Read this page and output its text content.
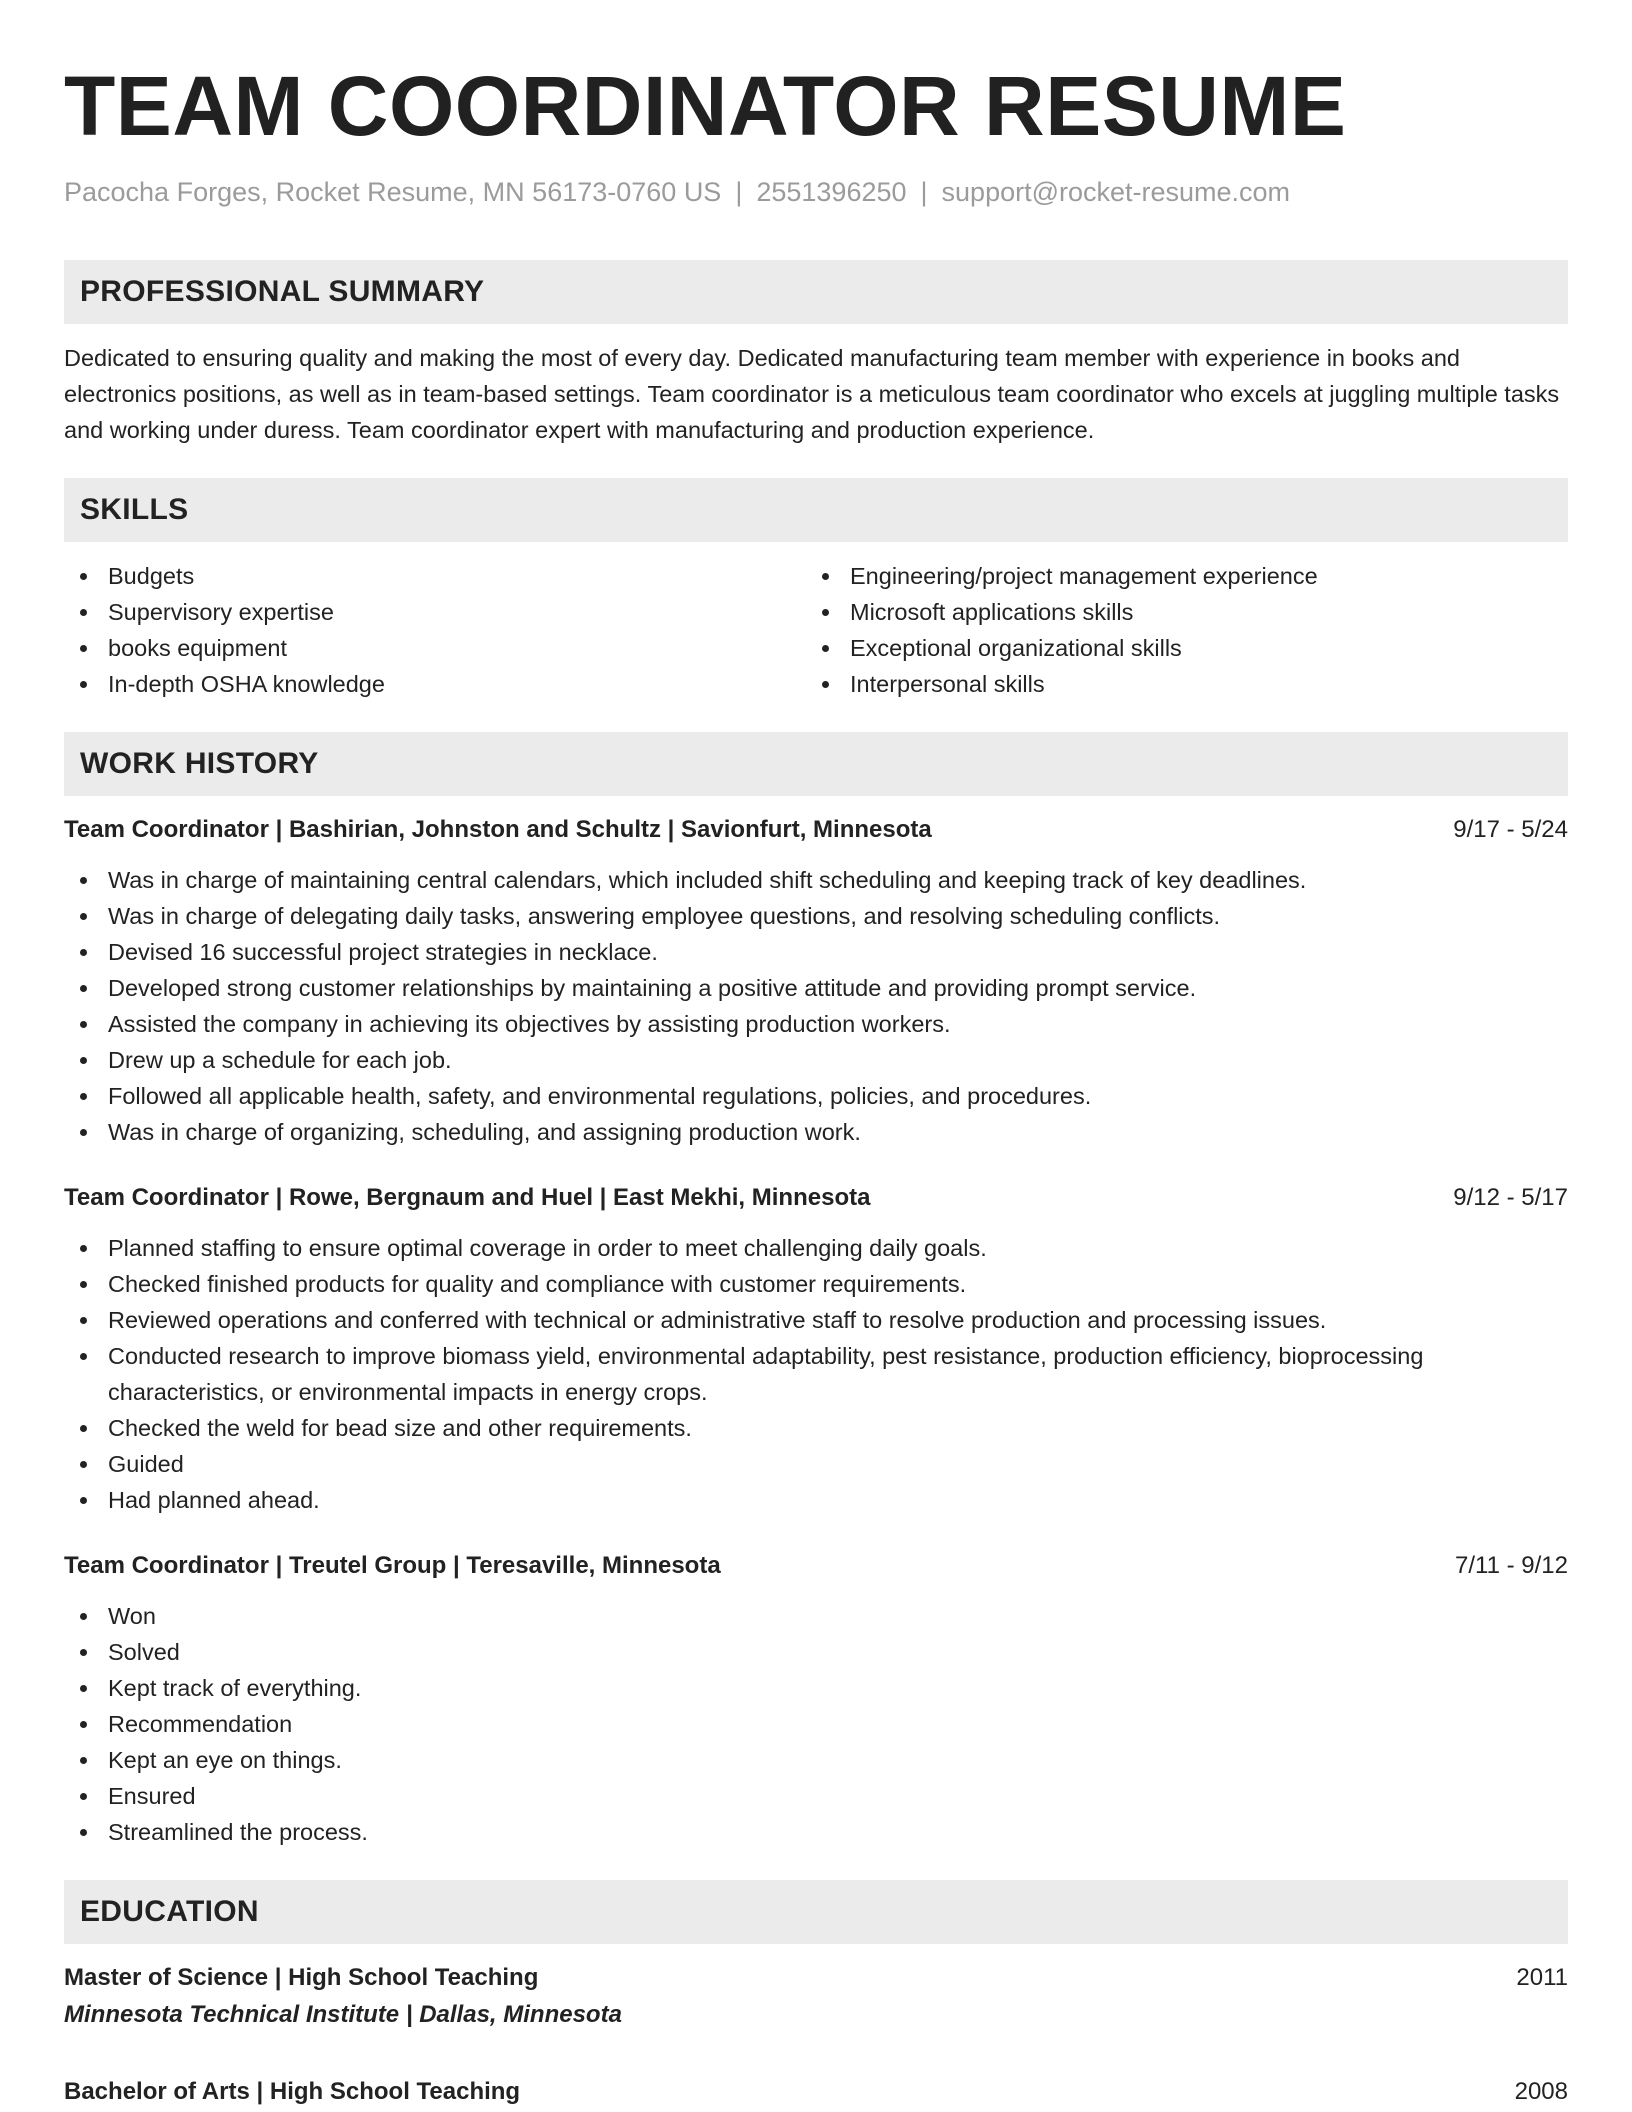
TEAM COORDINATOR RESUME
Pacocha Forges, Rocket Resume, MN 56173-0760 US | 2551396250 | support@rocket-resume.com
PROFESSIONAL SUMMARY

Dedicated to ensuring quality and making the most of every day. Dedicated manufacturing team member with experience in books and electronics positions, as well as in team-based settings. Team coordinator is a meticulous team coordinator who excels at juggling multiple tasks and working under duress. Team coordinator expert with manufacturing and production experience.

SKILLS
Budgets
Supervisory expertise
books equipment
In-depth OSHA knowledge
Engineering/project management experience
Microsoft applications skills
Exceptional organizational skills
Interpersonal skills
WORK HISTORY
Team Coordinator | Bashirian, Johnston and Schultz | Savionfurt, Minnesota	9/17 - 5/24
Was in charge of maintaining central calendars, which included shift scheduling and keeping track of key deadlines.
Was in charge of delegating daily tasks, answering employee questions, and resolving scheduling conflicts.
Devised 16 successful project strategies in necklace.
Developed strong customer relationships by maintaining a positive attitude and providing prompt service.
Assisted the company in achieving its objectives by assisting production workers.
Drew up a schedule for each job.
Followed all applicable health, safety, and environmental regulations, policies, and procedures.
Was in charge of organizing, scheduling, and assigning production work.
Team Coordinator | Rowe, Bergnaum and Huel | East Mekhi, Minnesota	9/12 - 5/17
Planned staffing to ensure optimal coverage in order to meet challenging daily goals.
Checked finished products for quality and compliance with customer requirements.
Reviewed operations and conferred with technical or administrative staff to resolve production and processing issues.
Conducted research to improve biomass yield, environmental adaptability, pest resistance, production efficiency, bioprocessing characteristics, or environmental impacts in energy crops.
Checked the weld for bead size and other requirements.
Guided
Had planned ahead.
Team Coordinator | Treutel Group | Teresaville, Minnesota	7/11 - 9/12
Won
Solved
Kept track of everything.
Recommendation
Kept an eye on things.
Ensured
Streamlined the process.
EDUCATION
Master of Science | High School Teaching	2011
Minnesota Technical Institute | Dallas, Minnesota
Bachelor of Arts | High School Teaching	2008
